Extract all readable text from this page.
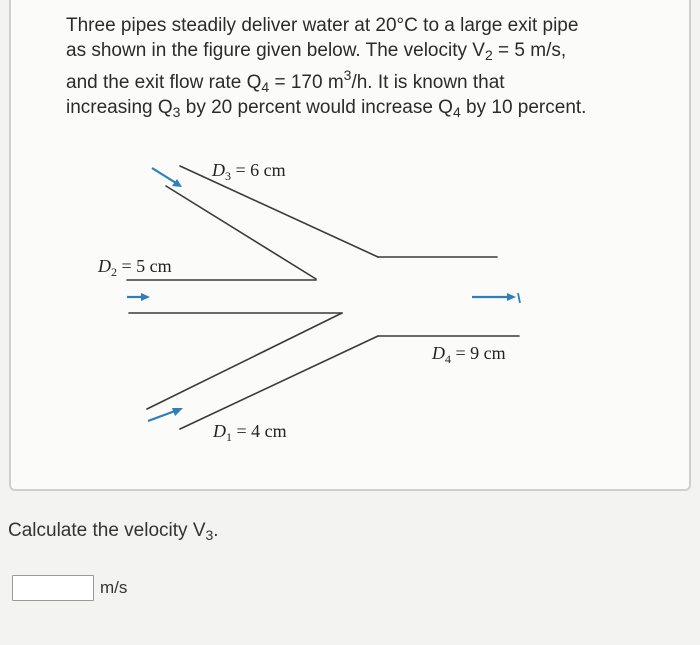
Three pipes steadily deliver water at 20°C to a large exit pipe
as shown in the figure given below. The velocity $V_2 = 5$ m/s,
and the exit flow rate $Q_4 = 170$ $m^3/h$. It is known that
increasing $Q_3$ by 20 percent would increase $Q_4$ by 10 percent.

$D_3 = 6$ cm
$D_2 = 5$ cm
$D_4 = 9$ cm
$D_1 = 4$ cm

Calculate the velocity $V_3$.

m/s
